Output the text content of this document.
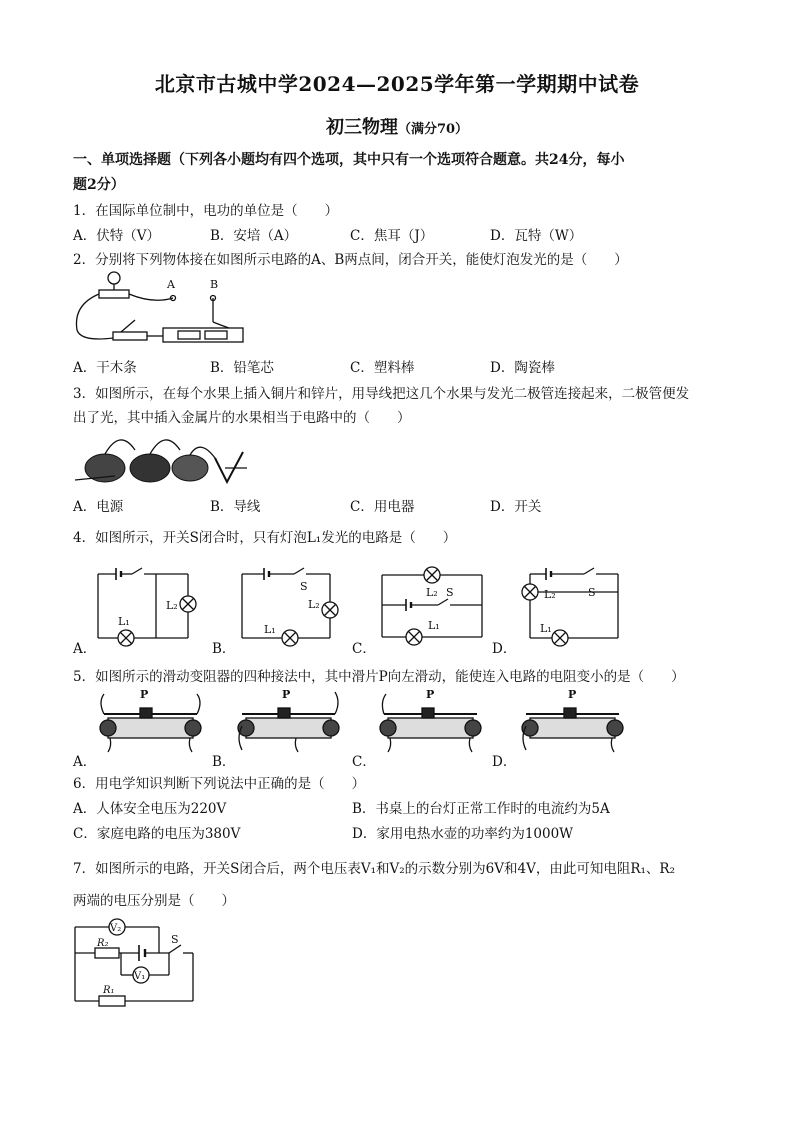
北京市古城中学2024—2025学年第一学期期中试卷
初三物理（满分70）
一、单项选择题（下列各小题均有四个选项，其中只有一个选项符合题意。共24分，每小
题2分）
1．在国际单位制中，电功的单位是（　　）
A．伏特（V）	B．安培（A）	C．焦耳（J）	D．瓦特（W）
2．分别将下列物体接在如图所示电路的A、B两点间，闭合开关，能使灯泡发光的是（　　）
A	B
A．干木条	B．铅笔芯	C．塑料棒	D．陶瓷棒
3．如图所示，在每个水果上插入铜片和锌片，用导线把这几个水果与发光二极管连接起来，二极管便发
出了光，其中插入金属片的水果相当于电路中的（　　）
A．电源	B．导线	C．用电器	D．开关
4．如图所示，开关S闭合时，只有灯泡L₁发光的电路是（　　）
L₁
L₂
A．
S
L₂
L₁
B．
L₂ S
L₁
C．
L₂	S
L₁
D．
5．如图所示的滑动变阻器的四种接法中，其中滑片P向左滑动，能使连入电路的电阻变小的是（　　）
P
A．
P
B．
P
C．
P
D．
6．用电学知识判断下列说法中正确的是（　　）
A．人体安全电压为220V	B．书桌上的台灯正常工作时的电流约为5A
C．家庭电路的电压为380V	D．家用电热水壶的功率约为1000W
7．如图所示的电路，开关S闭合后，两个电压表V₁和V₂的示数分别为6V和4V，由此可知电阻R₁、R₂
两端的电压分别是（　　）
V₂
R₂	S
V₁
R₁
